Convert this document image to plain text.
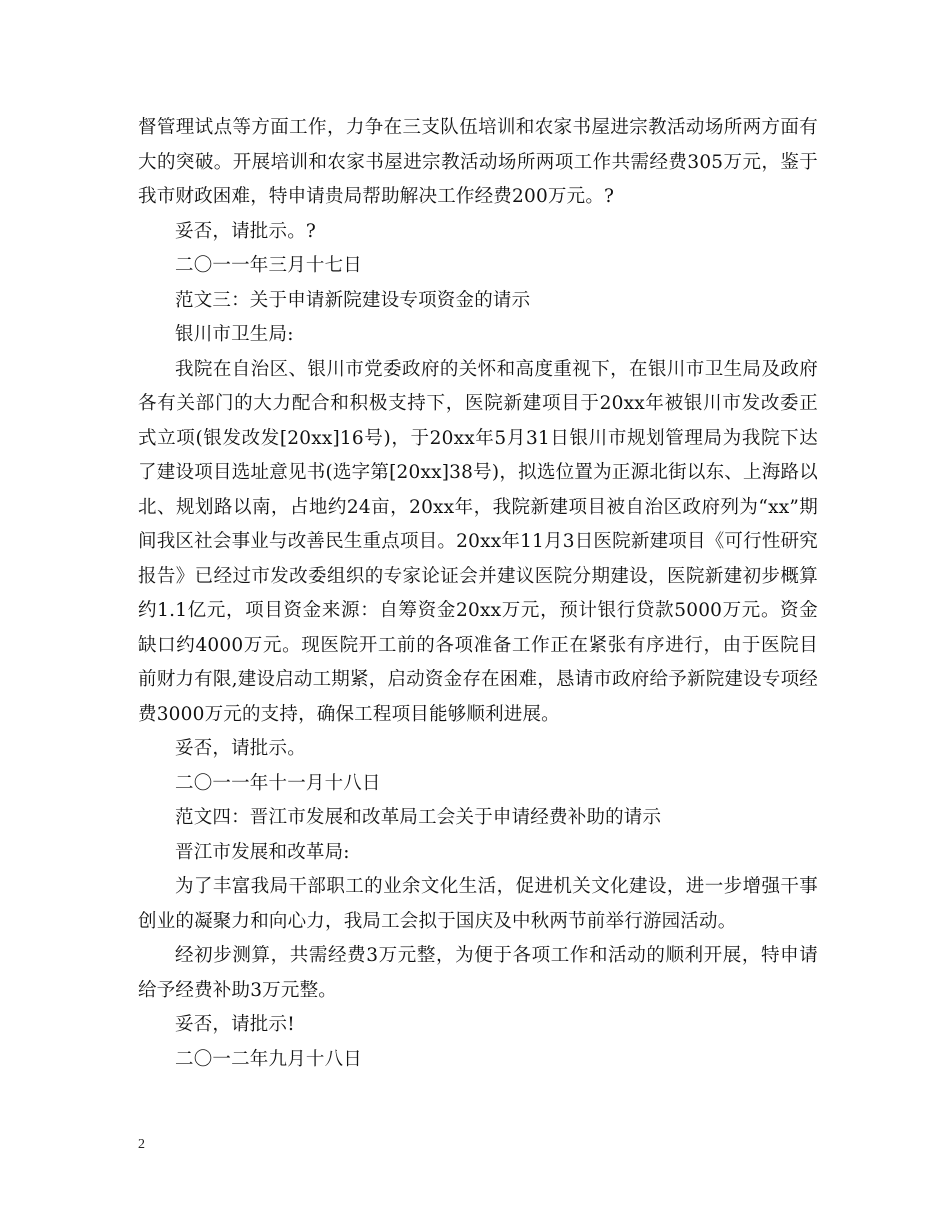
督管理试点等方面工作，力争在三支队伍培训和农家书屋进宗教活动场所两方面有大的突破。开展培训和农家书屋进宗教活动场所两项工作共需经费305万元，鉴于我市财政困难，特申请贵局帮助解决工作经费200万元。?

妥否，请批示。?

二〇一一年三月十七日

范文三：关于申请新院建设专项资金的请示

银川市卫生局:

我院在自治区、银川市党委政府的关怀和高度重视下，在银川市卫生局及政府各有关部门的大力配合和积极支持下，医院新建项目于20xx年被银川市发改委正式立项(银发改发[20xx]16号)，于20xx年5月31日银川市规划管理局为我院下达了建设项目选址意见书(选字第[20xx]38号)，拟选位置为正源北街以东、上海路以北、规划路以南，占地约24亩，20xx年，我院新建项目被自治区政府列为“xx”期间我区社会事业与改善民生重点项目。20xx年11月3日医院新建项目《可行性研究报告》已经过市发改委组织的专家论证会并建议医院分期建设，医院新建初步概算约1.1亿元，项目资金来源：自筹资金20xx万元，预计银行贷款5000万元。资金缺口约4000万元。现医院开工前的各项准备工作正在紧张有序进行，由于医院目前财力有限,建设启动工期紧，启动资金存在困难，恳请市政府给予新院建设专项经费3000万元的支持，确保工程项目能够顺利进展。

妥否，请批示。

二〇一一年十一月十八日

范文四：晋江市发展和改革局工会关于申请经费补助的请示

晋江市发展和改革局:

为了丰富我局干部职工的业余文化生活，促进机关文化建设，进一步增强干事创业的凝聚力和向心力，我局工会拟于国庆及中秋两节前举行游园活动。

经初步测算，共需经费3万元整，为便于各项工作和活动的顺利开展，特申请给予经费补助3万元整。

妥否，请批示!

二〇一二年九月十八日

2
